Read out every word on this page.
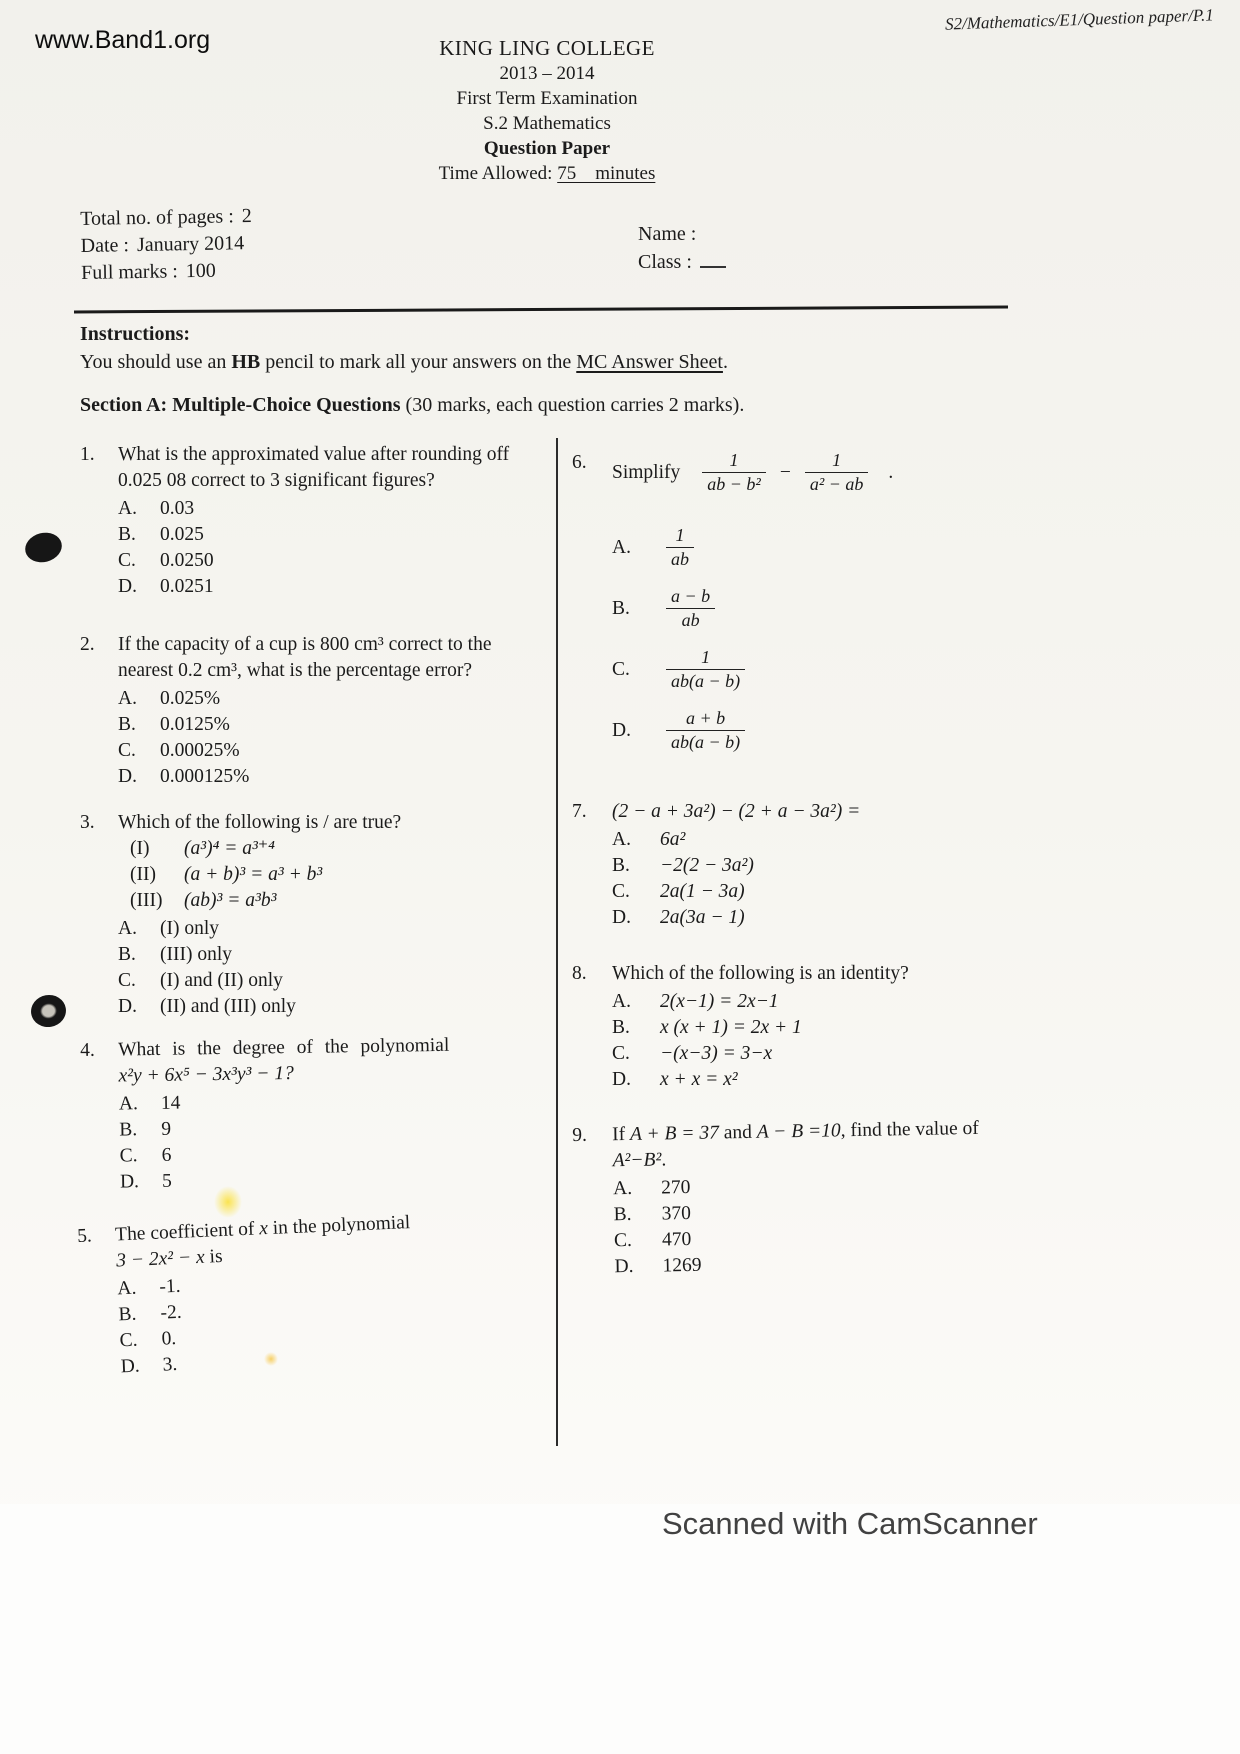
S2/Mathematics/E1/Question paper/P.1
www.Band1.org	KING LING COLLEGE
2013 – 2014
First Term Examination
S.2 Mathematics
Question Paper
Time Allowed: 75    minutes
Total no. of pages : 2
Date : January 2014
Full marks : 100
Name :
Class :
Instructions:
You should use an HB pencil to mark all your answers on the MC Answer Sheet.
Section A: Multiple-Choice Questions (30 marks, each question carries 2 marks).
1.	What is the approximated value after rounding off 0.025 08 correct to 3 significant figures?
A.	0.03
B.	0.025
C.	0.0250
D.	0.0251
2.	If the capacity of a cup is 800 cm³ correct to the nearest 0.2 cm³, what is the percentage error?
A.	0.025%
B.	0.0125%
C.	0.00025%
D.	0.000125%
3.	Which of the following is / are true?
(I)	(a³)⁴ = a³⁺⁴
(II)	(a + b)³ = a³ + b³
(III)	(ab)³ = a³b³
A.	(I) only
B.	(III) only
C.	(I) and (II) only
D.	(II) and (III) only
4.	What is the degree of the polynomial
x²y + 6x⁵ − 3x³y³ − 1?
A.	14
B.	9
C.	6
D.	5
5.	The coefficient of x in the polynomial
3 − 2x² − x is
A.	-1.
B.	-2.
C.	0.
D.	3.
6.	Simplify $\frac{1}{\text{ab − b²}} - \frac{1}{\text{a² − ab}}$ .
A.	$\frac{1}{ab}$
B.	$\frac{a - b}{ab}$
C.	$\frac{1}{ab(a - b)}$
D.	$\frac{a + b}{ab(a - b)}$
7.	(2 − a + 3a²) − (2 + a − 3a²) =
A.	6a²
B.	−2(2 − 3a²)
C.	2a(1 − 3a)
D.	2a(3a − 1)
8.	Which of the following is an identity?
A.	2(x−1) = 2x−1
B.	x (x + 1) = 2x + 1
C.	−(x−3) = 3−x
D.	x + x = x²
9.	If A + B = 37 and A − B =10, find the value of A²−B².
A.	270
B.	370
C.	470
D.	1269
Scanned with CamScanner
